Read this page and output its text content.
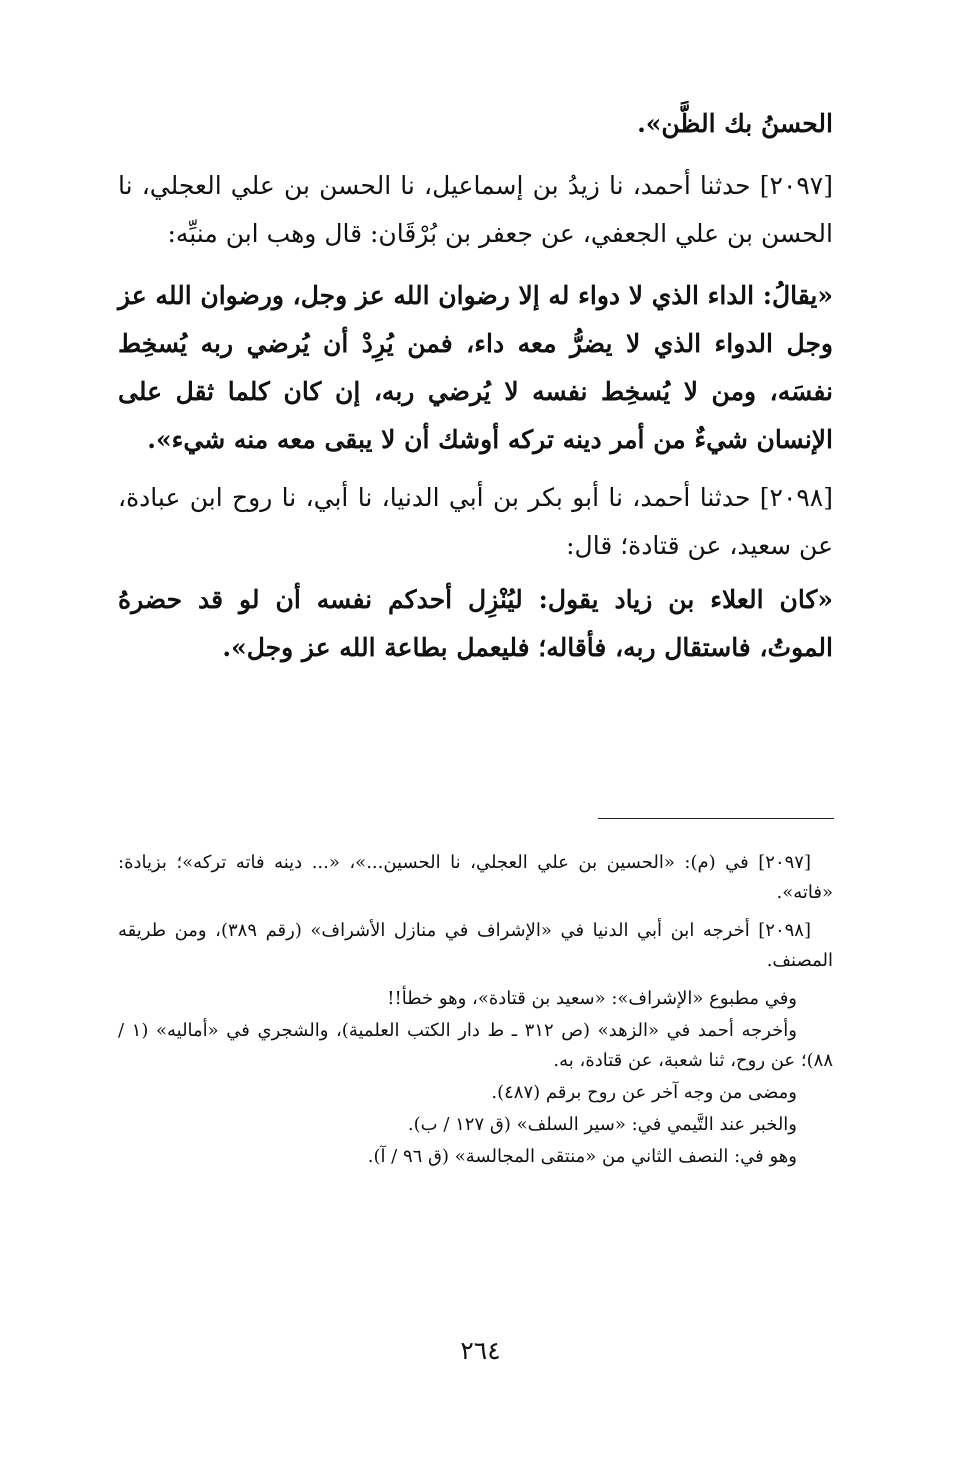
الحسنُ بك الظَّن».

[٢٠٩٧] حدثنا أحمد، نا زيدُ بن إسماعيل، نا الحسن بن علي العجلي، نا الحسن بن علي الجعفي، عن جعفر بن بُرْقَان: قال وهب ابن منبِّه:

«يقالُ: الداء الذي لا دواء له إلا رضوان الله عز وجل، ورضوان الله عز وجل الدواء الذي لا يضرُّ معه داء، فمن يُرِدْ أن يُرضي ربه يُسخِط نفسَه، ومن لا يُسخِط نفسه لا يُرضي ربه، إن كان كلما ثقل على الإنسان شيءٌ من أمر دينه تركه أوشك أن لا يبقى معه منه شيء».

[٢٠٩٨] حدثنا أحمد، نا أبو بكر بن أبي الدنيا، نا أبي، نا روح ابن عبادة، عن سعيد، عن قتادة؛ قال:

«كان العلاء بن زياد يقول: ليُنْزِل أحدكم نفسه أن لو قد حضرهُ الموتُ، فاستقال ربه، فأقاله؛ فليعمل بطاعة الله عز وجل».

[٢٠٩٧] في (م): «الحسين بن علي العجلي، نا الحسين...»، «... دينه فاته تركه»؛ بزيادة: «فاته».

[٢٠٩٨] أخرجه ابن أبي الدنيا في «الإشراف في منازل الأشراف» (رقم ٣٨٩)، ومن طريقه المصنف.

وفي مطبوع «الإشراف»: «سعيد بن قتادة»، وهو خطأ!!

وأخرجه أحمد في «الزهد» (ص ٣١٢ ـ ط دار الكتب العلمية)، والشجري في «أماليه» (١ / ٨٨)؛ عن روح، ثنا شعبة، عن قتادة، به.

ومضى من وجه آخر عن روح برقم (٤٨٧).

والخبر عند التَّيمي في: «سير السلف» (ق ١٢٧ / ب).

وهو في: النصف الثاني من «منتقى المجالسة» (ق ٩٦ / آ).

٢٦٤
